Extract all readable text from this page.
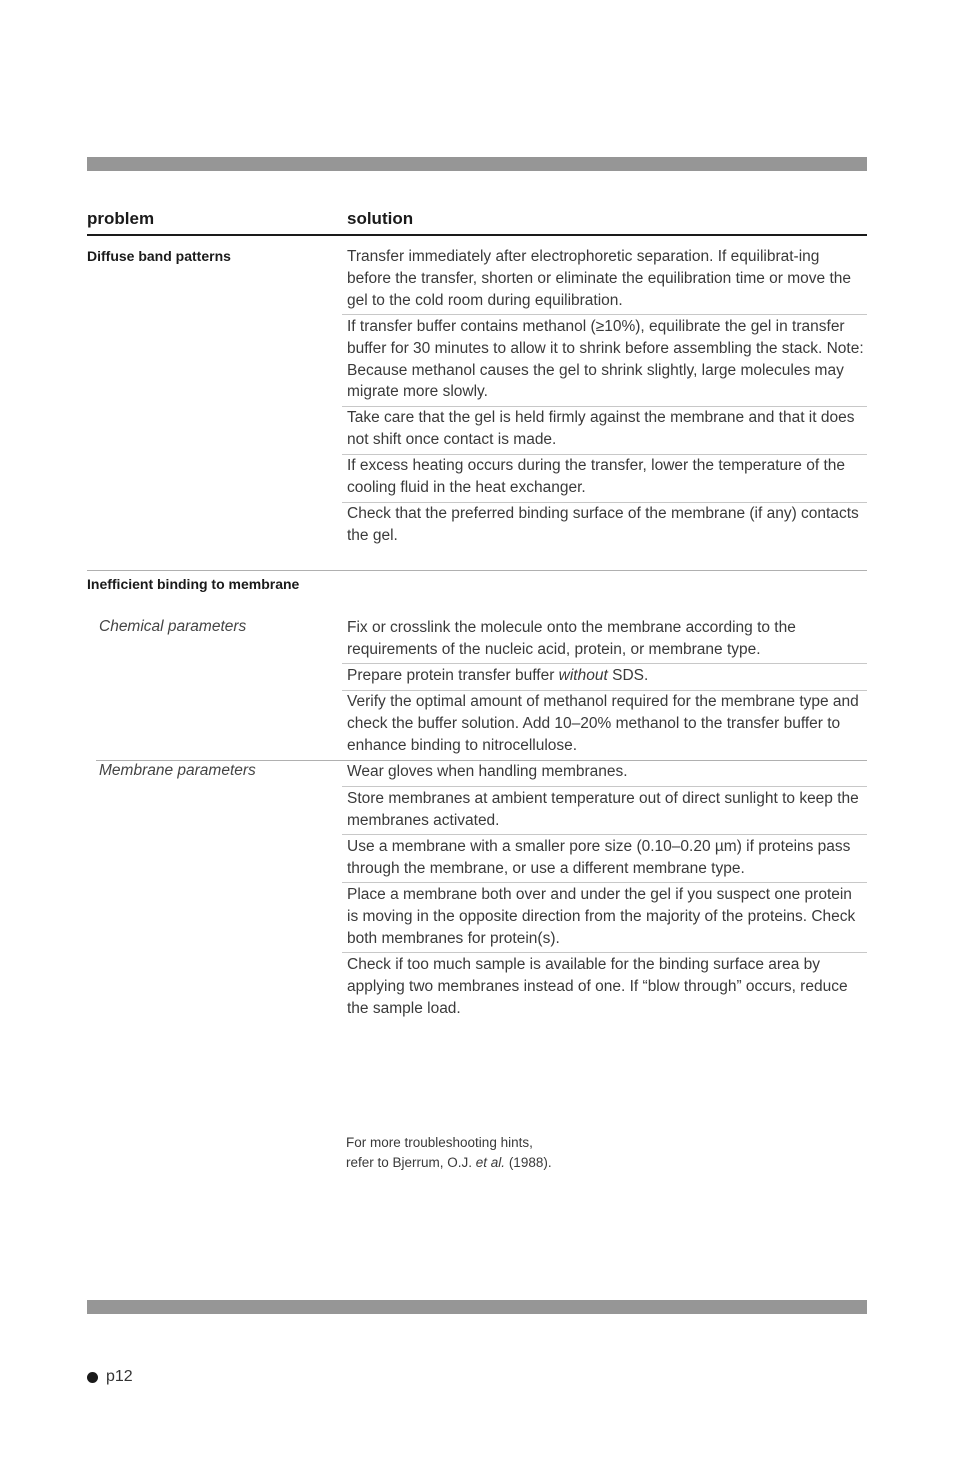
problem	solution
Diffuse band patterns	Transfer immediately after electrophoretic separation. If equilibrat-ing before the transfer, shorten or eliminate the equilibration time or move the gel to the cold room during equilibration.
If transfer buffer contains methanol (≥10%), equilibrate the gel in transfer buffer for 30 minutes to allow it to shrink before assembling the stack. Note: Because methanol causes the gel to shrink slightly, large molecules may migrate more slowly.
Take care that the gel is held firmly against the membrane and that it does not shift once contact is made.
If excess heating occurs during the transfer, lower the temperature of the cooling fluid in the heat exchanger.
Check that the preferred binding surface of the membrane (if any) contacts the gel.
Inefficient binding to membrane
Chemical parameters	Fix or crosslink the molecule onto the membrane according to the requirements of the nucleic acid, protein, or membrane type.
Prepare protein transfer buffer without SDS.
Verify the optimal amount of methanol required for the membrane type and check the buffer solution. Add 10–20% methanol to the transfer buffer to enhance binding to nitrocellulose.
Membrane parameters	Wear gloves when handling membranes.
Store membranes at ambient temperature out of direct sunlight to keep the membranes activated.
Use a membrane with a smaller pore size (0.10–0.20 µm) if proteins pass through the membrane, or use a different membrane type.
Place a membrane both over and under the gel if you suspect one protein is moving in the opposite direction from the majority of the proteins. Check both membranes for protein(s).
Check if too much sample is available for the binding surface area by applying two membranes instead of one. If “blow through” occurs, reduce the sample load.
For more troubleshooting hints,
refer to Bjerrum, O.J. et al. (1988).
p12
